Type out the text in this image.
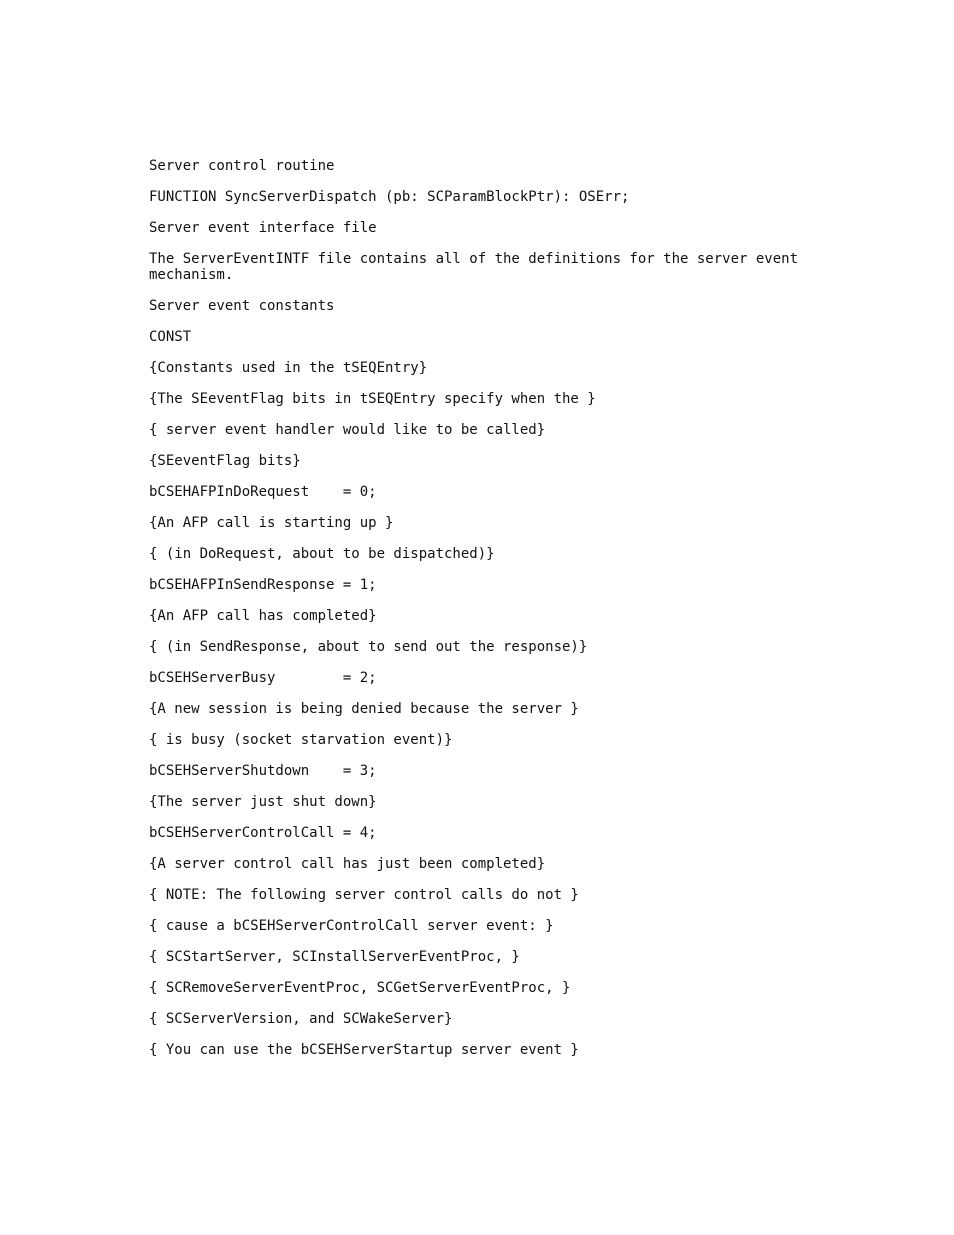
Server control routine
FUNCTION SyncServerDispatch (pb: SCParamBlockPtr): OSErr;
Server event interface file
The ServerEventINTF file contains all of the definitions for the server event mechanism.
Server event constants
CONST
{Constants used in the tSEQEntry}
{The SEeventFlag bits in tSEQEntry specify when the }
{ server event handler would like to be called}
{SEeventFlag bits}
bCSEHAFPInDoRequest    = 0;
{An AFP call is starting up }
{ (in DoRequest, about to be dispatched)}
bCSEHAFPInSendResponse = 1;
{An AFP call has completed}
{ (in SendResponse, about to send out the response)}
bCSEHServerBusy        = 2;
{A new session is being denied because the server }
{ is busy (socket starvation event)}
bCSEHServerShutdown    = 3;
{The server just shut down}
bCSEHServerControlCall = 4;
{A server control call has just been completed}
{ NOTE: The following server control calls do not }
{ cause a bCSEHServerControlCall server event: }
{ SCStartServer, SCInstallServerEventProc, }
{ SCRemoveServerEventProc, SCGetServerEventProc, }
{ SCServerVersion, and SCWakeServer}
{ You can use the bCSEHServerStartup server event }
